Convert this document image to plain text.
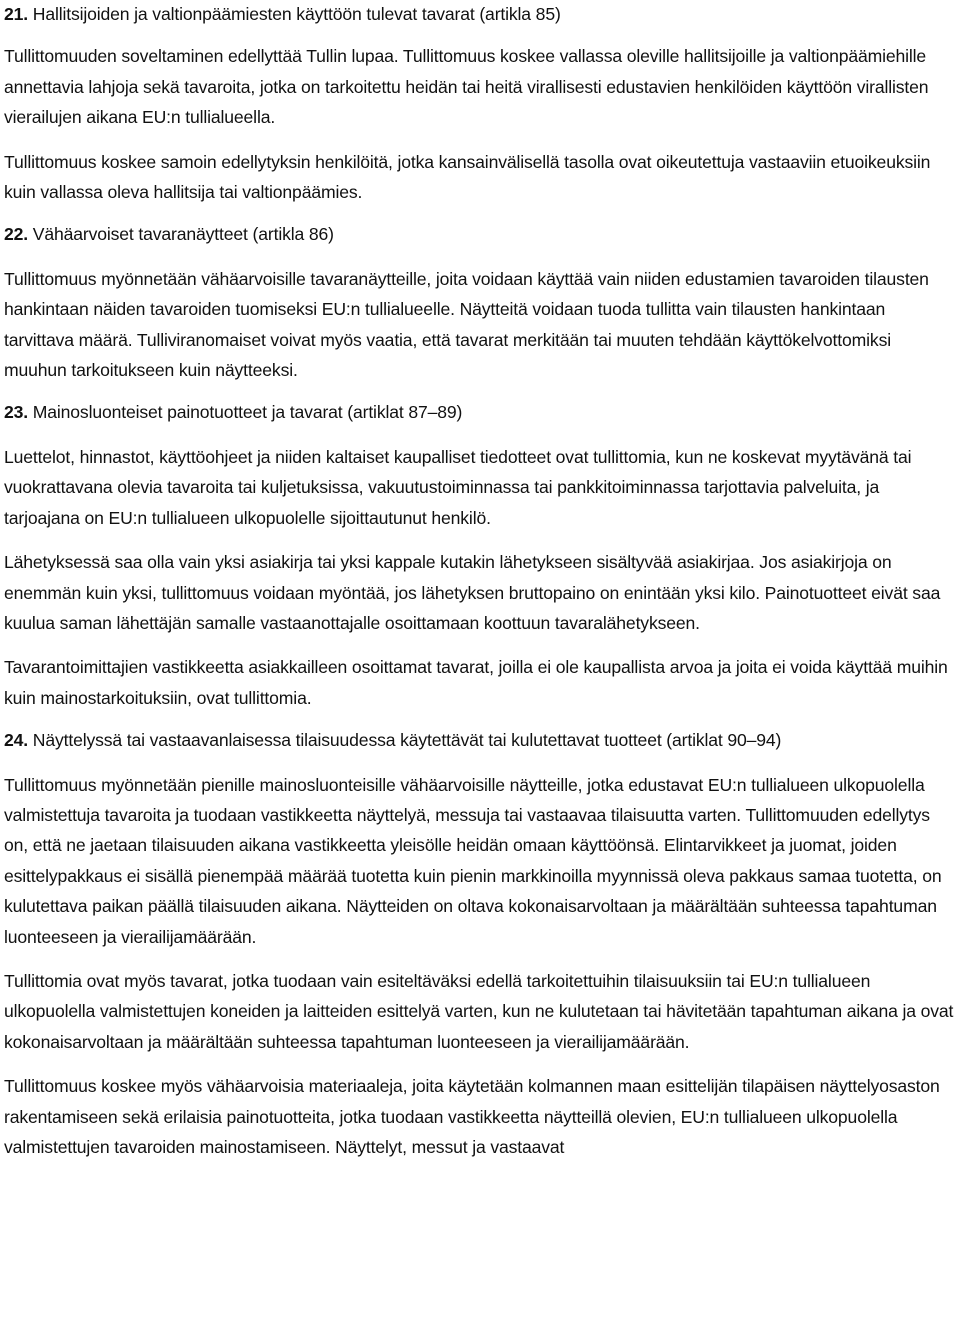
21. Hallitsijoiden ja valtionpäämiesten käyttöön tulevat tavarat (artikla 85)

Tullittomuuden soveltaminen edellyttää Tullin lupaa. Tullittomuus koskee vallassa oleville hallitsijoille ja valtionpäämiehille annettavia lahjoja sekä tavaroita, jotka on tarkoitettu heidän tai heitä virallisesti edustavien henkilöiden käyttöön virallisten vierailujen aikana EU:n tullialueella.

Tullittomuus koskee samoin edellytyksin henkilöitä, jotka kansainvälisellä tasolla ovat oikeutettuja vastaaviin etuoikeuksiin kuin vallassa oleva hallitsija tai valtionpäämies.

22. Vähäarvoiset tavaranäytteet (artikla 86)

Tullittomuus myönnetään vähäarvoisille tavaranäytteille, joita voidaan käyttää vain niiden edustamien tavaroiden tilausten hankintaan näiden tavaroiden tuomiseksi EU:n tullialueelle. Näytteitä voidaan tuoda tullitta vain tilausten hankintaan tarvittava määrä. Tulliviranomaiset voivat myös vaatia, että tavarat merkitään tai muuten tehdään käyttökelvottomiksi muuhun tarkoitukseen kuin näytteeksi.

23. Mainosluonteiset painotuotteet ja tavarat (artiklat 87–89)

Luettelot, hinnastot, käyttöohjeet ja niiden kaltaiset kaupalliset tiedotteet ovat tullittomia, kun ne koskevat myytävänä tai vuokrattavana olevia tavaroita tai kuljetuksissa, vakuutustoiminnassa tai pankkitoiminnassa tarjottavia palveluita, ja tarjoajana on EU:n tullialueen ulkopuolelle sijoittautunut henkilö.

Lähetyksessä saa olla vain yksi asiakirja tai yksi kappale kutakin lähetykseen sisältyvää asiakirjaa. Jos asiakirjoja on enemmän kuin yksi, tullittomuus voidaan myöntää, jos lähetyksen bruttopaino on enintään yksi kilo. Painotuotteet eivät saa kuulua saman lähettäjän samalle vastaanottajalle osoittamaan koottuun tavaralähetykseen.

Tavarantoimittajien vastikkeetta asiakkailleen osoittamat tavarat, joilla ei ole kaupallista arvoa ja joita ei voida käyttää muihin kuin mainostarkoituksiin, ovat tullittomia.

24. Näyttelyssä tai vastaavanlaisessa tilaisuudessa käytettävät tai kulutettavat tuotteet (artiklat 90–94)

Tullittomuus myönnetään pienille mainosluonteisille vähäarvoisille näytteille, jotka edustavat EU:n tullialueen ulkopuolella valmistettuja tavaroita ja tuodaan vastikkeetta näyttelyä, messuja tai vastaavaa tilaisuutta varten. Tullittomuuden edellytys on, että ne jaetaan tilaisuuden aikana vastikkeetta yleisölle heidän omaan käyttöönsä. Elintarvikkeet ja juomat, joiden esittelypakkaus ei sisällä pienempää määrää tuotetta kuin pienin markkinoilla myynnissä oleva pakkaus samaa tuotetta, on kulutettava paikan päällä tilaisuuden aikana. Näytteiden on oltava kokonaisarvoltaan ja määrältään suhteessa tapahtuman luonteeseen ja vierailijamäärään.

Tullittomia ovat myös tavarat, jotka tuodaan vain esiteltäväksi edellä tarkoitettuihin tilaisuuksiin tai EU:n tullialueen ulkopuolella valmistettujen koneiden ja laitteiden esittelyä varten, kun ne kulutetaan tai hävitetään tapahtuman aikana ja ovat kokonaisarvoltaan ja määrältään suhteessa tapahtuman luonteeseen ja vierailijamäärään.

Tullittomuus koskee myös vähäarvoisia materiaaleja, joita käytetään kolmannen maan esittelijän tilapäisen näyttelyosaston rakentamiseen sekä erilaisia painotuotteita, jotka tuodaan vastikkeetta näytteillä olevien, EU:n tullialueen ulkopuolella valmistettujen tavaroiden mainostamiseen. Näyttelyt, messut ja vastaavat
